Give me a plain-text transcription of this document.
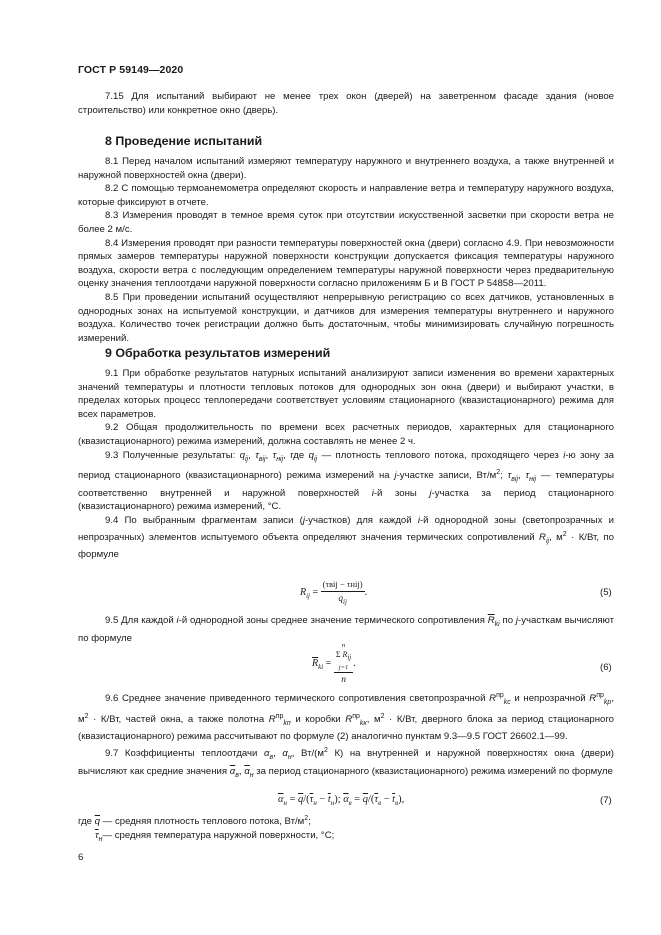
ГОСТ Р 59149—2020

7.15 Для испытаний выбирают не менее трех окон (дверей) на заветренном фасаде здания (новое строительство) или конкретное окно (дверь).

8 Проведение испытаний

8.1 Перед началом испытаний измеряют температуру наружного и внутреннего воздуха, а также внутренней и наружной поверхностей окна (двери).

8.2 С помощью термоанемометра определяют скорость и направление ветра и температуру наружного воздуха, которые фиксируют в отчете.

8.3 Измерения проводят в темное время суток при отсутствии искусственной засветки при скорости ветра не более 2 м/с.

8.4 Измерения проводят при разности температуры поверхностей окна (двери) согласно 4.9. При невозможности прямых замеров температуры наружной поверхности конструкции допускается фиксация температуры наружного воздуха, скорости ветра с последующим определением температуры наружной поверхности через предварительную оценку значения теплоотдачи наружной поверхности согласно приложениям Б и В ГОСТ Р 54858—2011.

8.5 При проведении испытаний осуществляют непрерывную регистрацию со всех датчиков, установленных в однородных зонах на испытуемой конструкции, и датчиков для измерения температуры внутреннего и наружного воздуха. Количество точек регистрации должно быть достаточным, чтобы минимизировать случайную погрешность измерений.

9 Обработка результатов измерений

9.1 При обработке результатов натурных испытаний анализируют записи изменения во времени характерных значений температуры и плотности тепловых потоков для однородных зон окна (двери) и выбирают участки, в пределах которых процесс теплопередачи соответствует условиям стационарного (квазистационарного) режима для всех параметров.

9.2 Общая продолжительность по времени всех расчетных периодов, характерных для стационарного (квазистационарного) режима измерений, должна составлять не менее 2 ч.

9.3 Полученные результаты: $q_{ij}$, $\tau_{вij}$, $\tau_{нij}$, где $q_{ij}$ — плотность теплового потока, проходящего через i-ю зону за период стационарного (квазистационарного) режима измерений на j-участке записи, $Вт/м^2$; $\tau_{вij}$, $\tau_{нij}$ — температуры соответственно внутренней и наружной поверхностей i-й зоны j-участка за период стационарного (квазистационарного) режима измерений, °С.

9.4 По выбранным фрагментам записи (j-участков) для каждой i-й однородной зоны (светопрозрачных и непрозрачных) элементов испытуемого объекта определяют значения термических сопротивлений $R_{ij}$, $м^2 \cdot К/Вт$, по формуле

$R_{ij} = \frac{\text{(τвij − τнij)}}{q_{ij}}$ .	(5)

9.5 Для каждой i-й однородной зоны среднее значение термического сопротивления $\overline{R}_{ki}$ по j-участкам вычисляют по формуле

$\overline{R}_{ki} = n$
Σ $R_{ij}$
j=1
n .	(6)

9.6 Среднее значение приведенного термического сопротивления светопрозрачной $R^{пр}_{kс}$ и непрозрачной $R^{пр}_{kр}$, $м^2 \cdot К/Вт$, частей окна, а также полотна $R^{пр}_{kп}$ и коробки $R^{пр}_{kк}$, $м^2 \cdot К/Вт$, дверного блока за период стационарного (квазистационарного) режима рассчитывают по формуле (2) аналогично пунктам 9.3—9.5 ГОСТ 26602.1—99.

9.7 Коэффициенты теплоотдачи $\alpha_в$, $\alpha_н$, $Вт/(м^2$ К) на внутренней и наружной поверхностях окна (двери) вычисляют как средние значения $\overline{\alpha}_в$, $\overline{\alpha}_н$ за период стационарного (квазистационарного) режима измерений по формуле

$\overline{\alpha}_н = \overline{q}/(\overline{\tau}_н - \overline{t}_н)$; $\overline{\alpha}_в = \overline{q}/(\overline{\tau}_в - \overline{t}_в)$,	(7)
где $\overline{q}$ — средняя плотность теплового потока, $Вт/м^2$;
$\overline{\tau}_н—$ средняя температура наружной поверхности, °С;
6
